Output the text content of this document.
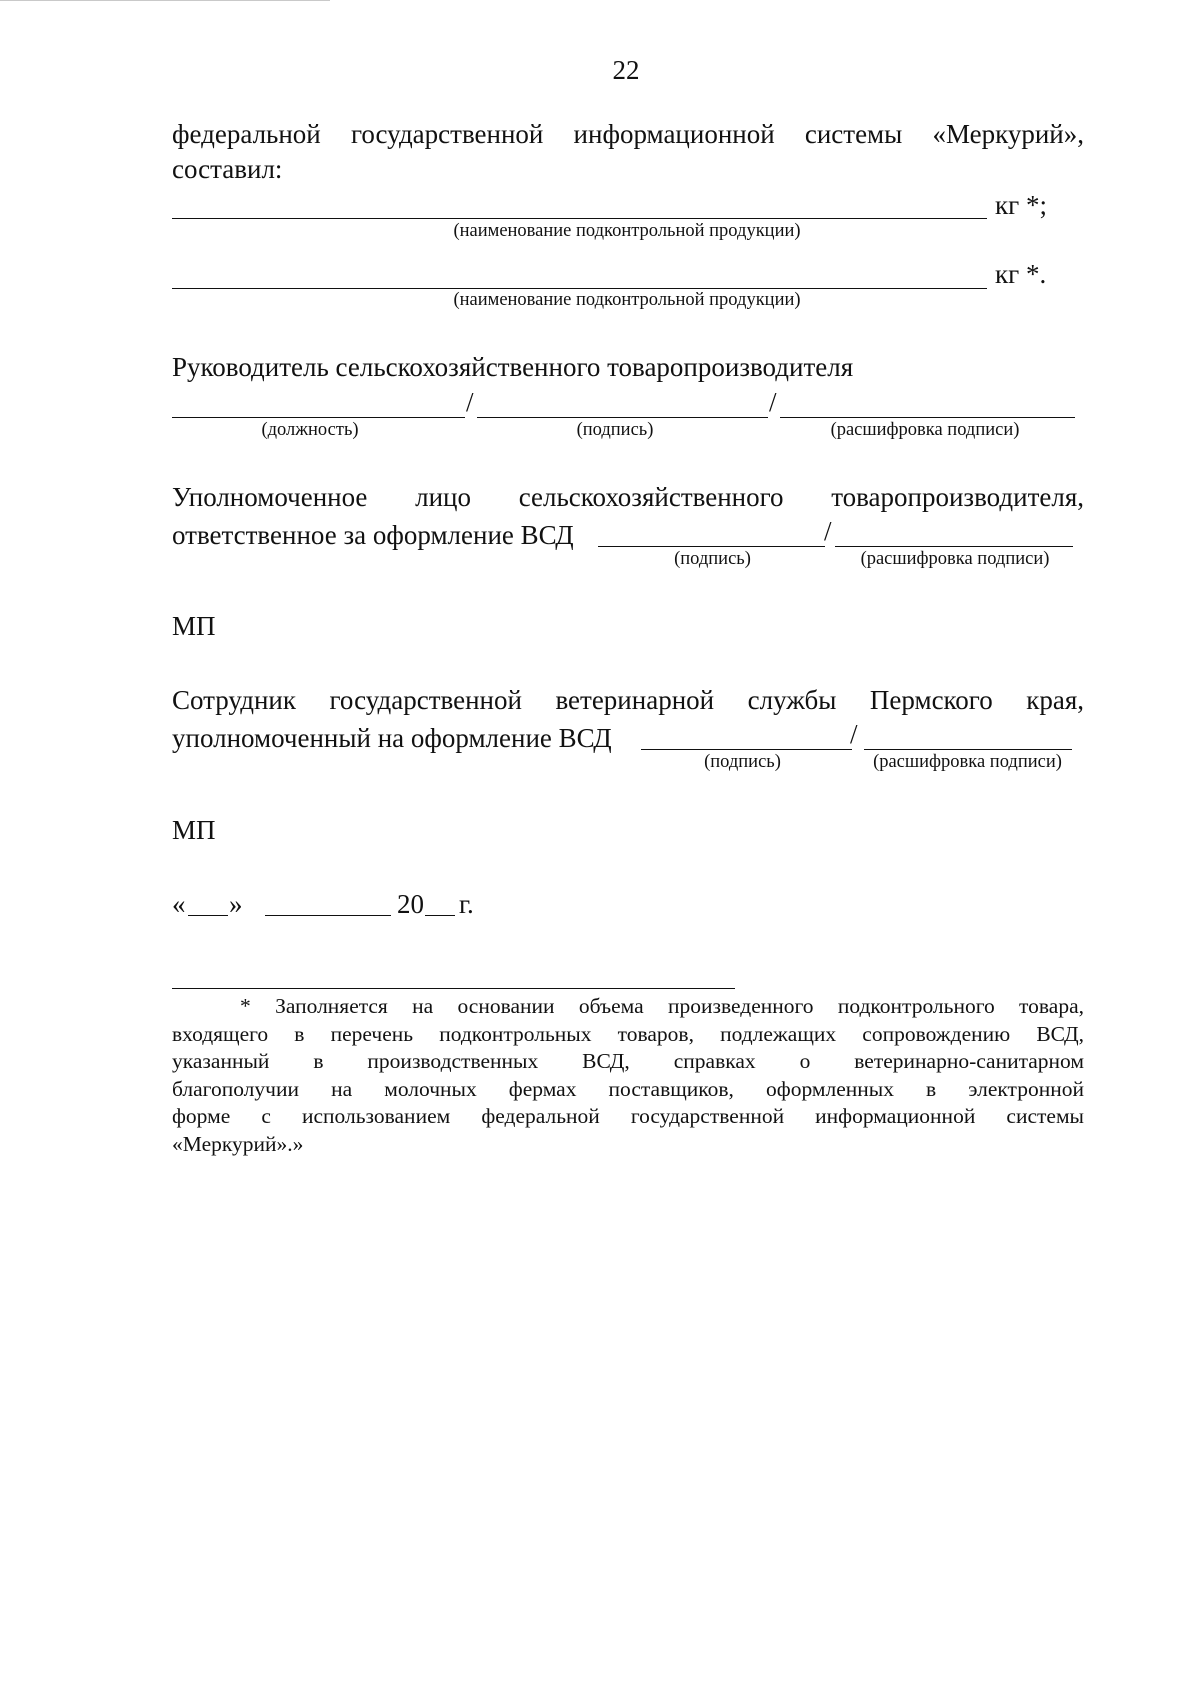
22
федеральной государственной информационной системы «Меркурий»,
составил:
кг *;
(наименование подконтрольной продукции)
кг *.
(наименование подконтрольной продукции)
Руководитель сельскохозяйственного товаропроизводителя
/	/
(должность)	(подпись)	(расшифровка подписи)
Уполномоченное лицо сельскохозяйственного товаропроизводителя,
ответственное за оформление ВСД	/
(подпись)	(расшифровка подписи)
МП
Сотрудник государственной ветеринарной службы Пермского края,
уполномоченный на оформление ВСД	/
(подпись)	(расшифровка подписи)
МП
« »	20 г.
* Заполняется на основании объема произведенного подконтрольного товара,
входящего в перечень подконтрольных товаров, подлежащих сопровождению ВСД,
указанный в производственных ВСД, справках о ветеринарно-санитарном
благополучии на молочных фермах поставщиков, оформленных в электронной
форме с использованием федеральной государственной информационной системы
«Меркурий».»
